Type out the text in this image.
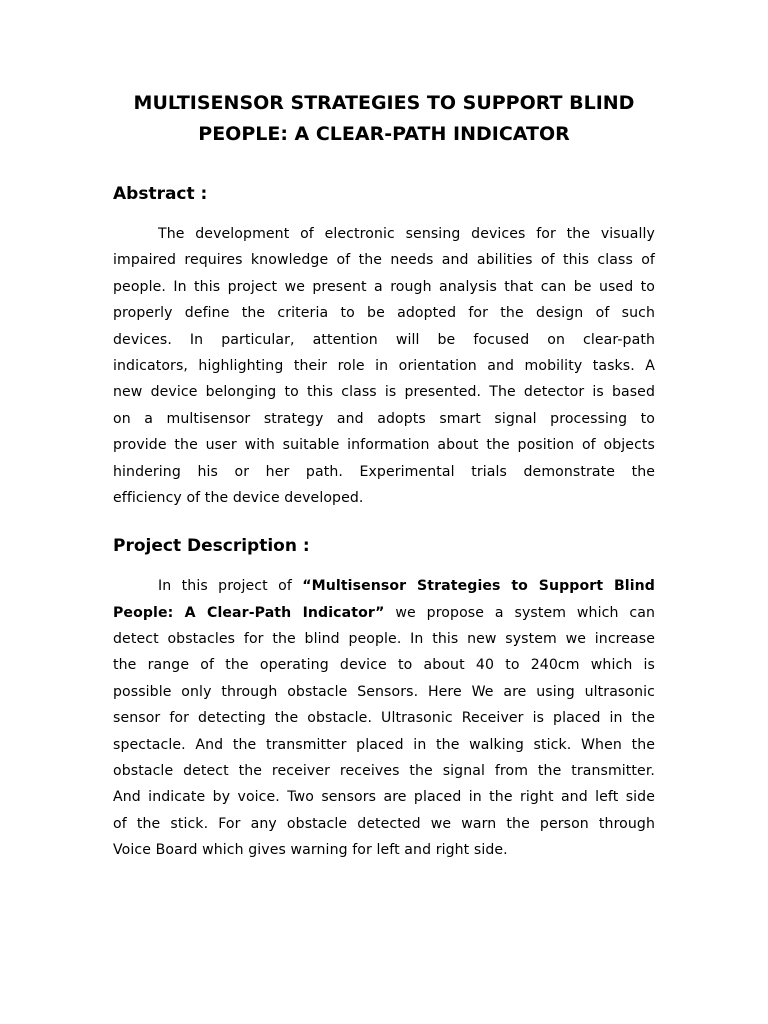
MULTISENSOR STRATEGIES TO SUPPORT BLIND
PEOPLE: A CLEAR-PATH INDICATOR
Abstract :
The development of electronic sensing devices for the visually
impaired requires knowledge of the needs and abilities of this class of
people. In this project we present a rough analysis that can be used to
properly define the criteria to be adopted for the design of such
devices. In particular, attention will be focused on clear-path
indicators, highlighting their role in orientation and mobility tasks. A
new device belonging to this class is presented. The detector is based
on a multisensor strategy and adopts smart signal processing to
provide the user with suitable information about the position of objects
hindering his or her path. Experimental trials demonstrate the
efficiency of the device developed.
Project Description :
In this project of “Multisensor Strategies to Support Blind
People: A Clear-Path Indicator” we propose a system which can
detect obstacles for the blind people. In this new system we increase
the range of the operating device to about 40 to 240cm which is
possible only through obstacle Sensors. Here We are using ultrasonic
sensor for detecting the obstacle. Ultrasonic Receiver is placed in the
spectacle. And the transmitter placed in the walking stick. When the
obstacle detect the receiver receives the signal from the transmitter.
And indicate by voice. Two sensors are placed in the right and left side
of the stick. For any obstacle detected we warn the person through
Voice Board which gives warning for left and right side.
